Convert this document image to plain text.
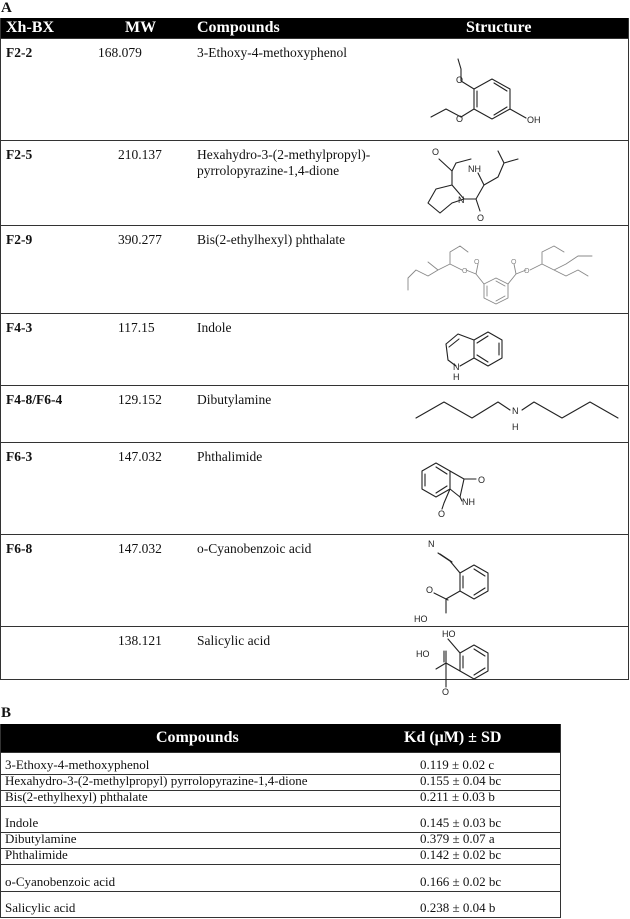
A
Xh-BX	MW	Compounds	Structure
F2-2	168.079	3-Ethoxy-4-methoxyphenol
O
O	OH
F2-5	210.137	Hexahydro-3-(2-methylpropyl)-pyrrolopyrazine-1,4-dione
O
NH
N
O
F2-9	390.277	Bis(2-ethylhexyl) phthalate
O
O	O
O
F4-3	117.15	Indole
N
H
F4-8/F6-4	129.152	Dibutylamine
N
H
F6-3	147.032	Phthalimide
O
NH
O
F6-8	147.032	o-Cyanobenzoic acid	N
O
HO
138.121	Salicylic acid	HO
HO
O
B
Compounds	Kd (μM) ± SD
3-Ethoxy-4-methoxyphenol	0.119 ± 0.02 c
Hexahydro-3-(2-methylpropyl) pyrrolopyrazine-1,4-dione	0.155 ± 0.04 bc
Bis(2-ethylhexyl) phthalate	0.211 ± 0.03 b
Indole	0.145 ± 0.03 bc
Dibutylamine	0.379 ± 0.07 a
Phthalimide	0.142 ± 0.02 bc
o-Cyanobenzoic acid	0.166 ± 0.02 bc
Salicylic acid	0.238 ± 0.04 b
